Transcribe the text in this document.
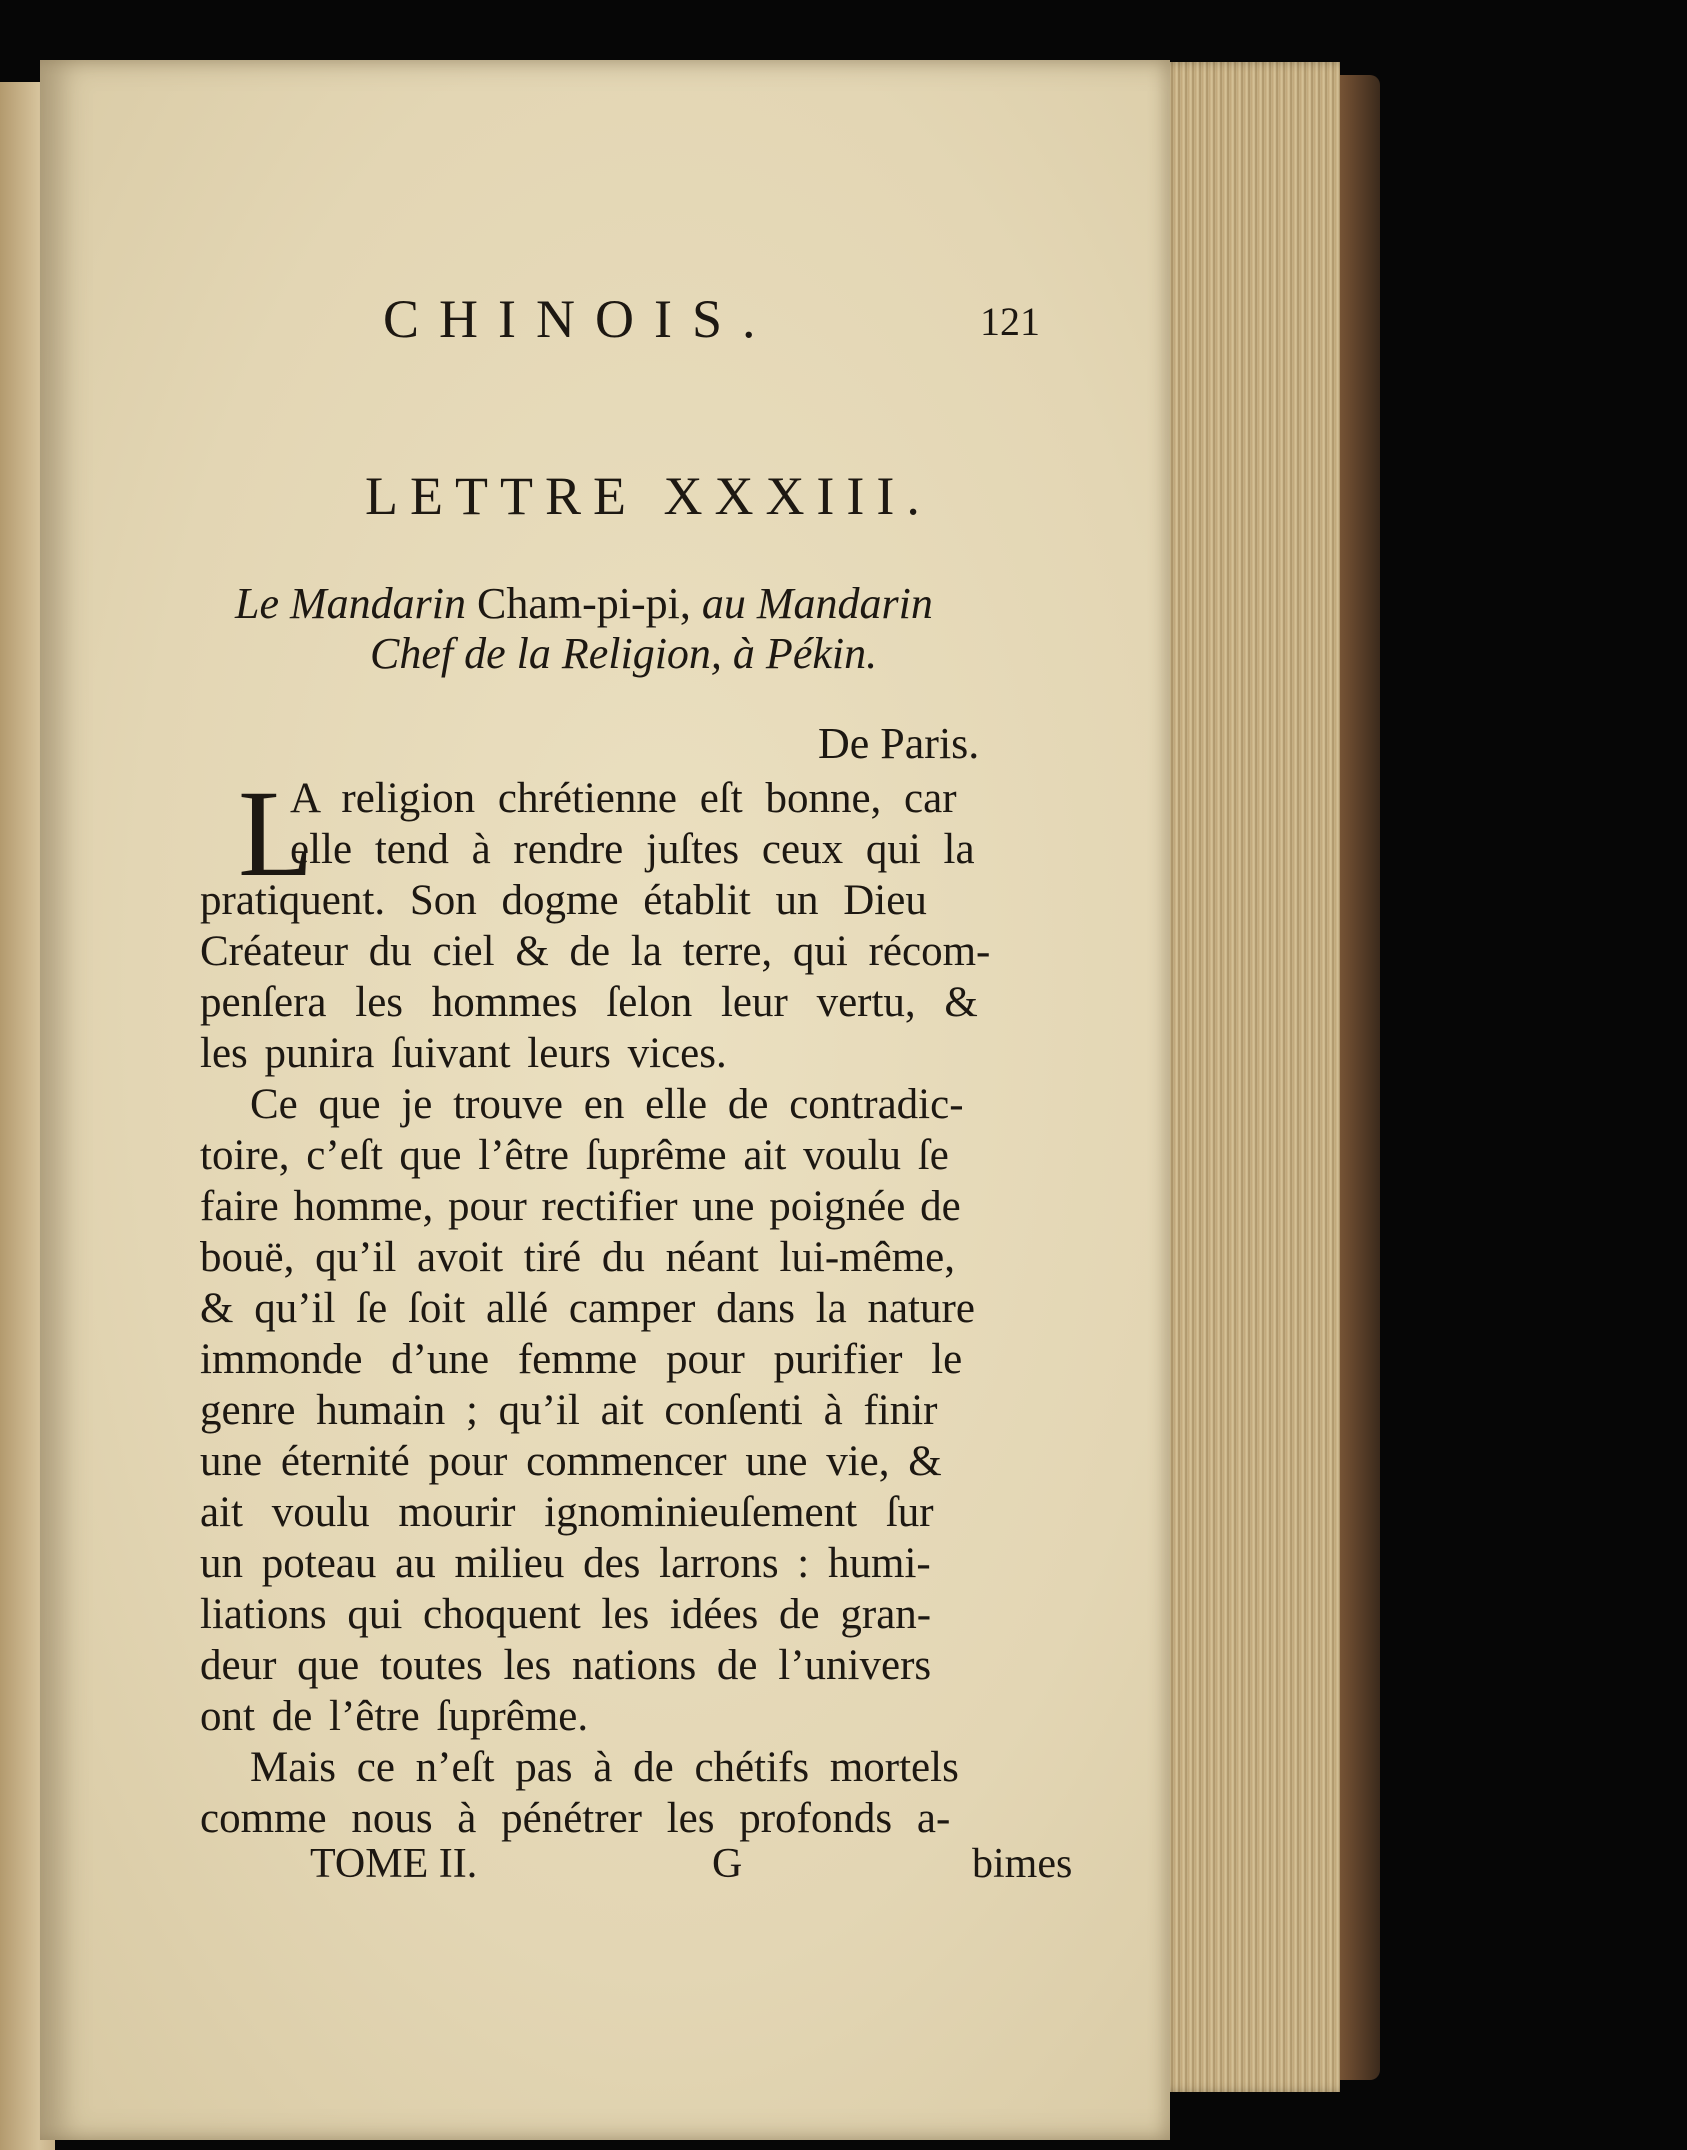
CHINOIS.	121
LETTRE XXXIII.
Le Mandarin Cham-pi-pi, au Mandarin
Chef de la Religion, à Pékin.
De Paris.
L
A religion chrétienne eſt bonne, car
elle tend à rendre juſtes ceux qui la
pratiquent. Son dogme établit un Dieu
Créateur du ciel & de la terre, qui récom-
penſera les hommes ſelon leur vertu, &
les punira ſuivant leurs vices.
Ce que je trouve en elle de contradic-
toire, c’eſt que l’être ſuprême ait voulu ſe
faire homme, pour rectifier une poignée de
bouë, qu’il avoit tiré du néant lui-même,
& qu’il ſe ſoit allé camper dans la nature
immonde d’une femme pour purifier le
genre humain ; qu’il ait conſenti à finir
une éternité pour commencer une vie, &
ait voulu mourir ignominieuſement ſur
un poteau au milieu des larrons : humi-
liations qui choquent les idées de gran-
deur que toutes les nations de l’univers
ont de l’être ſuprême.
Mais ce n’eſt pas à de chétifs mortels
comme nous à pénétrer les profonds a-
TOME II.	G	bimes
